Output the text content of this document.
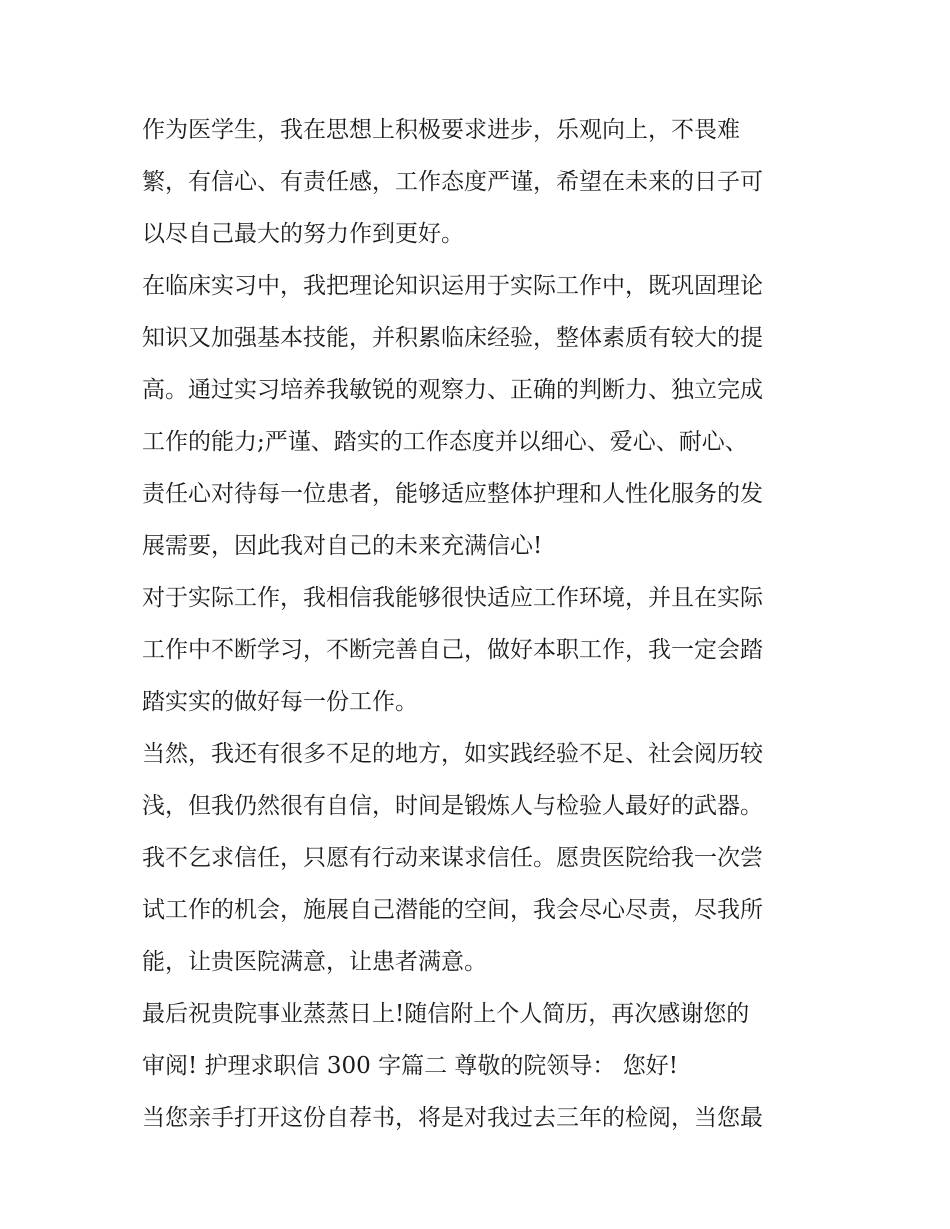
作为医学生，我在思想上积极要求进步，乐观向上，不畏难
繁，有信心、有责任感，工作态度严谨，希望在未来的日子可
以尽自己最大的努力作到更好。
在临床实习中，我把理论知识运用于实际工作中，既巩固理论
知识又加强基本技能，并积累临床经验，整体素质有较大的提
高。通过实习培养我敏锐的观察力、正确的判断力、独立完成
工作的能力;严谨、踏实的工作态度并以细心、爱心、耐心、
责任心对待每一位患者，能够适应整体护理和人性化服务的发
展需要，因此我对自己的未来充满信心!
对于实际工作，我相信我能够很快适应工作环境，并且在实际
工作中不断学习，不断完善自己，做好本职工作，我一定会踏
踏实实的做好每一份工作。
当然，我还有很多不足的地方，如实践经验不足、社会阅历较
浅，但我仍然很有自信，时间是锻炼人与检验人最好的武器。
我不乞求信任，只愿有行动来谋求信任。愿贵医院给我一次尝
试工作的机会，施展自己潜能的空间，我会尽心尽责，尽我所
能，让贵医院满意，让患者满意。
最后祝贵院事业蒸蒸日上!随信附上个人简历，再次感谢您的
审阅! 护理求职信 300 字篇二 尊敬的院领导： 您好!
当您亲手打开这份自荐书，将是对我过去三年的检阅，当您最
